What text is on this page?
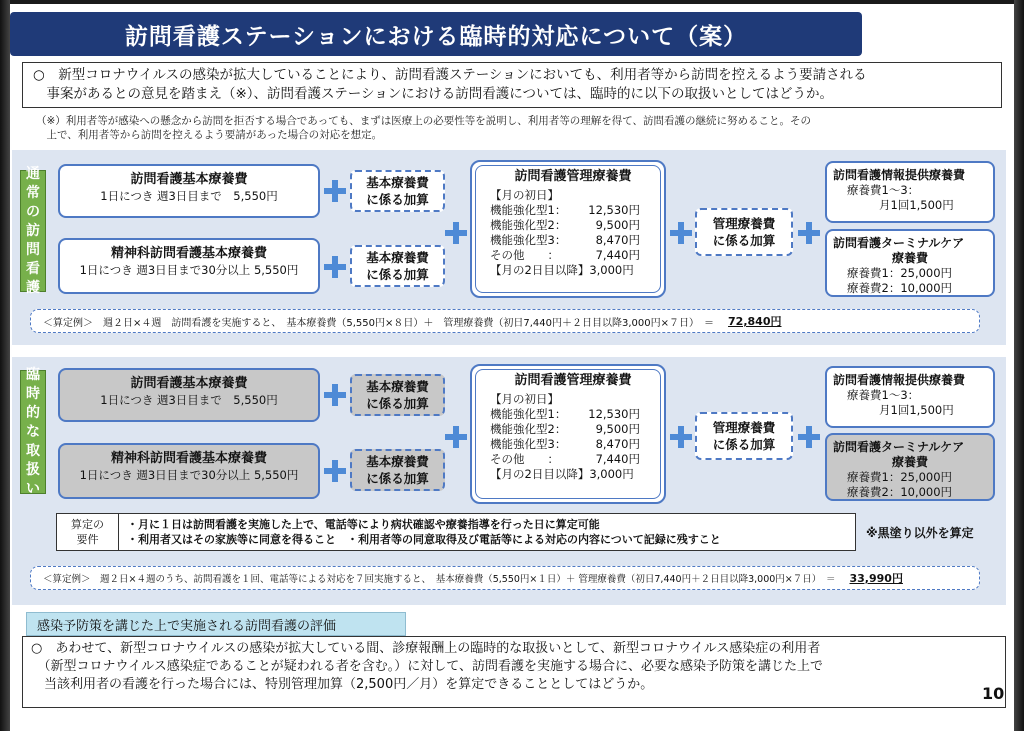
訪問看護ステーションにおける臨時的対応について（案）
○　新型コロナウイルスの感染が拡大していることにより、訪問看護ステーションにおいても、利用者等から訪問を控えるよう要請される
　事案があるとの意見を踏まえ（※）、訪問看護ステーションにおける訪問看護については、臨時的に以下の取扱いとしてはどうか。
（※）利用者等が感染への懸念から訪問を拒否する場合であっても、まずは医療上の必要性等を説明し、利用者等の理解を得て、訪問看護の継続に努めること。その
　上で、利用者等から訪問を控えるよう要請があった場合の対応を想定。
通
常
の
訪
問
看
護
訪問看護基本療養費
1日につき 週3日目まで　5,550円
基本療養費
に係る加算
精神科訪問看護基本療養費
1日につき 週3日目まで30分以上 5,550円
基本療養費
に係る加算
訪問看護管理療養費
【月の初日】
機能強化型1：	12,530円
機能強化型2：	9,500円
機能強化型3：	8,470円
その他　　：	7,440円
【月の2日目以降】3,000円
管理療養費
に係る加算
訪問看護情報提供療養費
療養費1～3：
月1回1,500円
訪問看護ターミナルケア
療養費
療養費1：25,000円
療養費2：10,000円
＜算定例＞　週２日×４週　訪問看護を実施すると、　基本療養費（5,550円×８日）＋　管理療養費（初日7,440円＋２日目以降3,000円×７日）　＝ 72,840円
臨
時
的
な
取
扱
い
訪問看護基本療養費
1日につき 週3日目まで　5,550円
基本療養費
に係る加算
精神科訪問看護基本療養費
1日につき 週3日目まで30分以上 5,550円
基本療養費
に係る加算
訪問看護管理療養費
【月の初日】
機能強化型1：	12,530円
機能強化型2：	9,500円
機能強化型3：	8,470円
その他　　：	7,440円
【月の2日目以降】3,000円
管理療養費
に係る加算
訪問看護情報提供療養費
療養費1～3：
月1回1,500円
訪問看護ターミナルケア
療養費
療養費1：25,000円
療養費2：10,000円
算定の
要件
・月に１日は訪問看護を実施した上で、電話等により病状確認や療養指導を行った日に算定可能
・利用者又はその家族等に同意を得ること　・利用者等の同意取得及び電話等による対応の内容について記録に残すこと	※黒塗り以外を算定
＜算定例＞　週２日×４週のうち、訪問看護を１回、電話等による対応を７回実施すると、　基本療養費（5,550円×１日）＋ 管理療養費（初日7,440円＋２日目以降3,000円×７日）　＝ 33,990円
感染予防策を講じた上で実施される訪問看護の評価
○　あわせて、新型コロナウイルスの感染が拡大している間、診療報酬上の臨時的な取扱いとして、新型コロナウイルス感染症の利用者
　（新型コロナウイルス感染症であることが疑われる者を含む。）に対して、訪問看護を実施する場合に、必要な感染予防策を講じた上で
　当該利用者の看護を行った場合には、特別管理加算（2,500円／月）を算定できることとしてはどうか。	10
